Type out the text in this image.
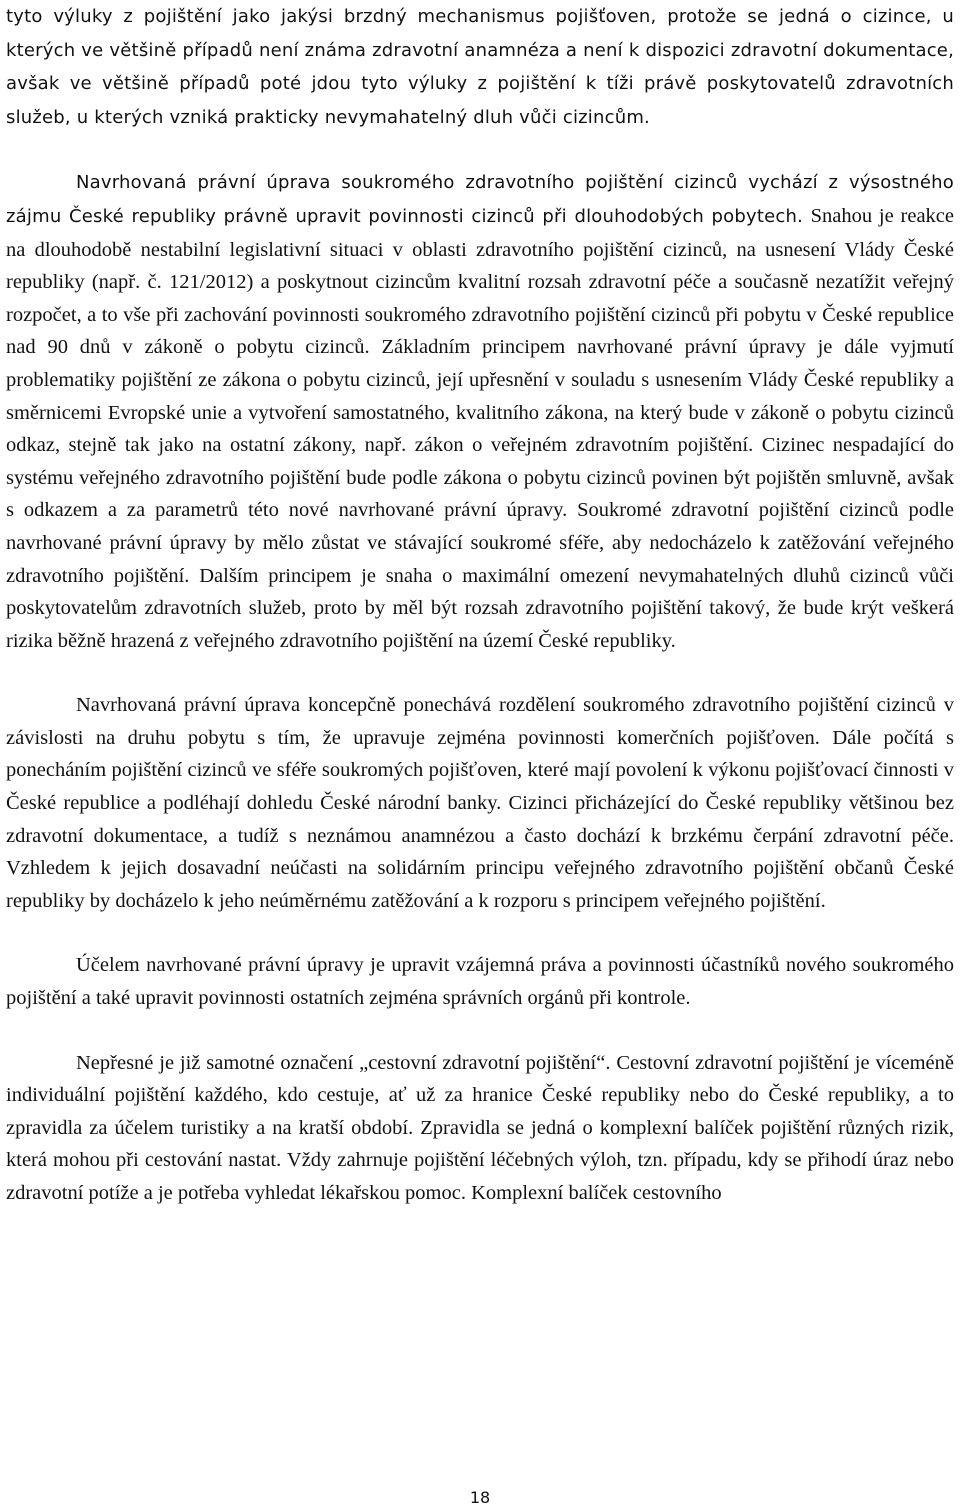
tyto výluky z pojištění jako jakýsi brzdný mechanismus pojišťoven, protože se jedná o cizince, u kterých ve většině případů není známa zdravotní anamnéza a není k dispozici zdravotní dokumentace, avšak ve většině případů poté jdou tyto výluky z pojištění k tíži právě poskytovatelů zdravotních služeb, u kterých vzniká prakticky nevymahatelný dluh vůči cizincům.

Navrhovaná právní úprava soukromého zdravotního pojištění cizinců vychází z výsostného zájmu České republiky právně upravit povinnosti cizinců při dlouhodobých pobytech. Snahou je reakce na dlouhodobě nestabilní legislativní situaci v oblasti zdravotního pojištění cizinců, na usnesení Vlády České republiky (např. č. 121/2012) a poskytnout cizincům kvalitní rozsah zdravotní péče a současně nezatížit veřejný rozpočet, a to vše při zachování povinnosti soukromého zdravotního pojištění cizinců při pobytu v České republice nad 90 dnů v zákoně o pobytu cizinců. Základním principem navrhované právní úpravy je dále vyjmutí problematiky pojištění ze zákona o pobytu cizinců, její upřesnění v souladu s usnesením Vlády České republiky a směrnicemi Evropské unie a vytvoření samostatného, kvalitního zákona, na který bude v zákoně o pobytu cizinců odkaz, stejně tak jako na ostatní zákony, např. zákon o veřejném zdravotním pojištění. Cizinec nespadající do systému veřejného zdravotního pojištění bude podle zákona o pobytu cizinců povinen být pojištěn smluvně, avšak s odkazem a za parametrů této nové navrhované právní úpravy. Soukromé zdravotní pojištění cizinců podle navrhované právní úpravy by mělo zůstat ve stávající soukromé sféře, aby nedocházelo k zatěžování veřejného zdravotního pojištění. Dalším principem je snaha o maximální omezení nevymahatelných dluhů cizinců vůči poskytovatelům zdravotních služeb, proto by měl být rozsah zdravotního pojištění takový, že bude krýt veškerá rizika běžně hrazená z veřejného zdravotního pojištění na území České republiky.

Navrhovaná právní úprava koncepčně ponechává rozdělení soukromého zdravotního pojištění cizinců v závislosti na druhu pobytu s tím, že upravuje zejména povinnosti komerčních pojišťoven. Dále počítá s ponecháním pojištění cizinců ve sféře soukromých pojišťoven, které mají povolení k výkonu pojišťovací činnosti v České republice a podléhají dohledu České národní banky. Cizinci přicházející do České republiky většinou bez zdravotní dokumentace, a tudíž s neznámou anamnézou a často dochází k brzkému čerpání zdravotní péče. Vzhledem k jejich dosavadní neúčasti na solidárním principu veřejného zdravotního pojištění občanů České republiky by docházelo k jeho neúměrnému zatěžování a k rozporu s principem veřejného pojištění.

Účelem navrhované právní úpravy je upravit vzájemná práva a povinnosti účastníků nového soukromého pojištění a také upravit povinnosti ostatních zejména správních orgánů při kontrole.

Nepřesné je již samotné označení „cestovní zdravotní pojištění“. Cestovní zdravotní pojištění je víceméně individuální pojištění každého, kdo cestuje, ať už za hranice České republiky nebo do České republiky, a to zpravidla za účelem turistiky a na kratší období. Zpravidla se jedná o komplexní balíček pojištění různých rizik, která mohou při cestování nastat. Vždy zahrnuje pojištění léčebných výloh, tzn. případu, kdy se přihodí úraz nebo zdravotní potíže a je potřeba vyhledat lékařskou pomoc. Komplexní balíček cestovního

18
